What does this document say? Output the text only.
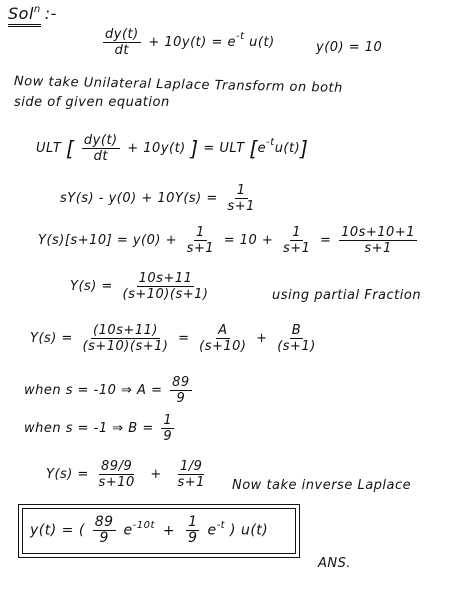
Sol$^n$ :-
$\frac{dy(t)}{dt} + 10y(t) = e^{-t}$ u(t)	y(0) = 10
Now take Unilateral Laplace Transform on both
side of given equation
ULT [ $\frac{dy(t)}{dt} + 10y(t)$ ] = ULT $[e^{-t}u(t)]$
$sY(s) - y(0) + 10Y(s) = \frac{1}{s+1}$
$Y(s)[s+10] = y(0) + \frac{1}{s+1} = 10 + \frac{1}{s+1} = \frac{10s+10+1}{s+1}$
$Y(s) = \frac{10s+11}{(s+10)(s+1)}$	using partial Fraction
$Y(s) = \frac{(10s+11)}{(s+10)(s+1)} = \frac{A}{(s+10)} + \frac{B}{(s+1)}$
when s = -10 ⇒ $A = \frac{89}{9}$
when s = -1 ⇒ $B = \frac{1}{9}$
$Y(s) = \frac{89/9}{s+10} + \frac{1/9}{s+1}$ Now take inverse Laplace
y(t) = ( $\frac{89}{9} e^{-10t} + \frac{1}{9} e^{-t}$ ) u(t)
ANS.
